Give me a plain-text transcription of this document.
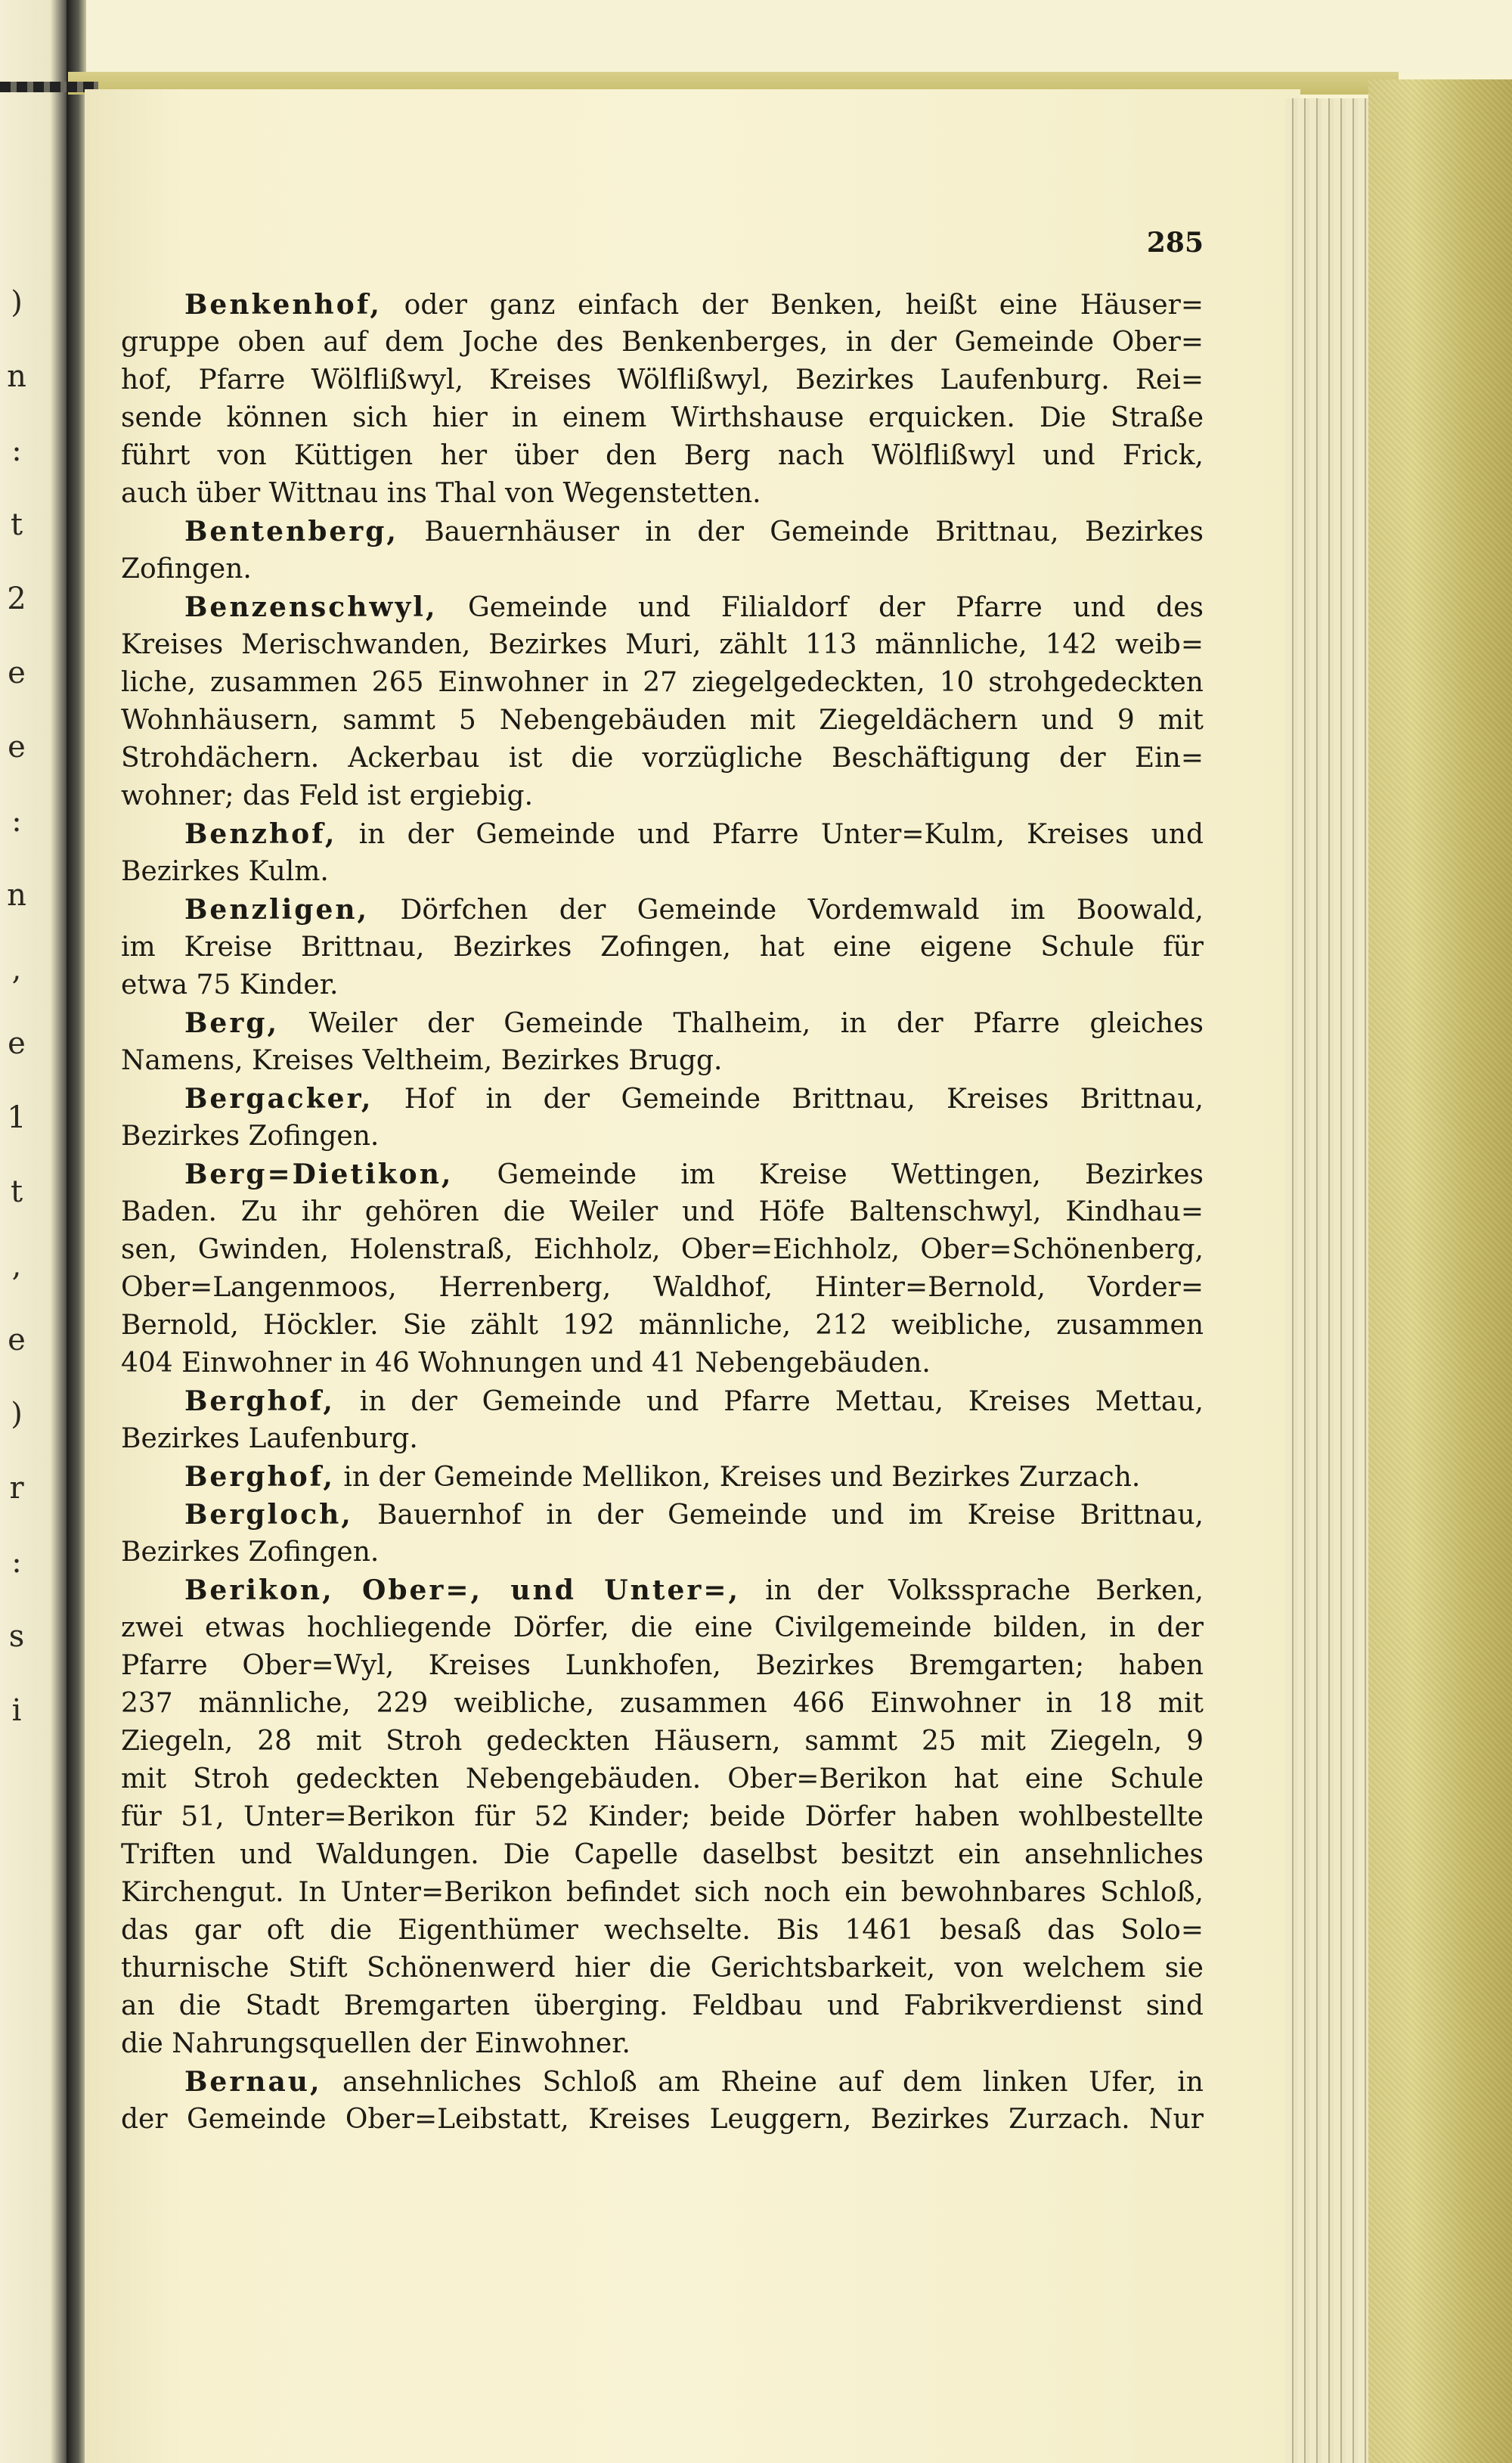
)
n
:
t
2
e
e
:
n
,
e
1
t
,
e
)
r
:
s
i
285
Benkenhof, oder ganz einfach der Benken, heißt eine Häuser=
gruppe oben auf dem Joche des Benkenberges, in der Gemeinde Ober=
hof, Pfarre Wölflißwyl, Kreises Wölflißwyl, Bezirkes Laufenburg. Rei=
sende können sich hier in einem Wirthshause erquicken. Die Straße
führt von Küttigen her über den Berg nach Wölflißwyl und Frick,
auch über Wittnau ins Thal von Wegenstetten.
Bentenberg, Bauernhäuser in der Gemeinde Brittnau, Bezirkes
Zofingen.
Benzenschwyl, Gemeinde und Filialdorf der Pfarre und des
Kreises Merischwanden, Bezirkes Muri, zählt 113 männliche, 142 weib=
liche, zusammen 265 Einwohner in 27 ziegelgedeckten, 10 strohgedeckten
Wohnhäusern, sammt 5 Nebengebäuden mit Ziegeldächern und 9 mit
Strohdächern. Ackerbau ist die vorzügliche Beschäftigung der Ein=
wohner; das Feld ist ergiebig.
Benzhof, in der Gemeinde und Pfarre Unter=Kulm, Kreises und
Bezirkes Kulm.
Benzligen, Dörfchen der Gemeinde Vordemwald im Boowald,
im Kreise Brittnau, Bezirkes Zofingen, hat eine eigene Schule für
etwa 75 Kinder.
Berg, Weiler der Gemeinde Thalheim, in der Pfarre gleiches
Namens, Kreises Veltheim, Bezirkes Brugg.
Bergacker, Hof in der Gemeinde Brittnau, Kreises Brittnau,
Bezirkes Zofingen.
Berg=Dietikon, Gemeinde im Kreise Wettingen, Bezirkes
Baden. Zu ihr gehören die Weiler und Höfe Baltenschwyl, Kindhau=
sen, Gwinden, Holenstraß, Eichholz, Ober=Eichholz, Ober=Schönenberg,
Ober=Langenmoos, Herrenberg, Waldhof, Hinter=Bernold, Vorder=
Bernold, Höckler. Sie zählt 192 männliche, 212 weibliche, zusammen
404 Einwohner in 46 Wohnungen und 41 Nebengebäuden.
Berghof, in der Gemeinde und Pfarre Mettau, Kreises Mettau,
Bezirkes Laufenburg.
Berghof, in der Gemeinde Mellikon, Kreises und Bezirkes Zurzach.
Bergloch, Bauernhof in der Gemeinde und im Kreise Brittnau,
Bezirkes Zofingen.
Berikon, Ober=, und Unter=, in der Volkssprache Berken,
zwei etwas hochliegende Dörfer, die eine Civilgemeinde bilden, in der
Pfarre Ober=Wyl, Kreises Lunkhofen, Bezirkes Bremgarten; haben
237 männliche, 229 weibliche, zusammen 466 Einwohner in 18 mit
Ziegeln, 28 mit Stroh gedeckten Häusern, sammt 25 mit Ziegeln, 9
mit Stroh gedeckten Nebengebäuden. Ober=Berikon hat eine Schule
für 51, Unter=Berikon für 52 Kinder; beide Dörfer haben wohlbestellte
Triften und Waldungen. Die Capelle daselbst besitzt ein ansehnliches
Kirchengut. In Unter=Berikon befindet sich noch ein bewohnbares Schloß,
das gar oft die Eigenthümer wechselte. Bis 1461 besaß das Solo=
thurnische Stift Schönenwerd hier die Gerichtsbarkeit, von welchem sie
an die Stadt Bremgarten überging. Feldbau und Fabrikverdienst sind
die Nahrungsquellen der Einwohner.
Bernau, ansehnliches Schloß am Rheine auf dem linken Ufer, in
der Gemeinde Ober=Leibstatt, Kreises Leuggern, Bezirkes Zurzach. Nur
